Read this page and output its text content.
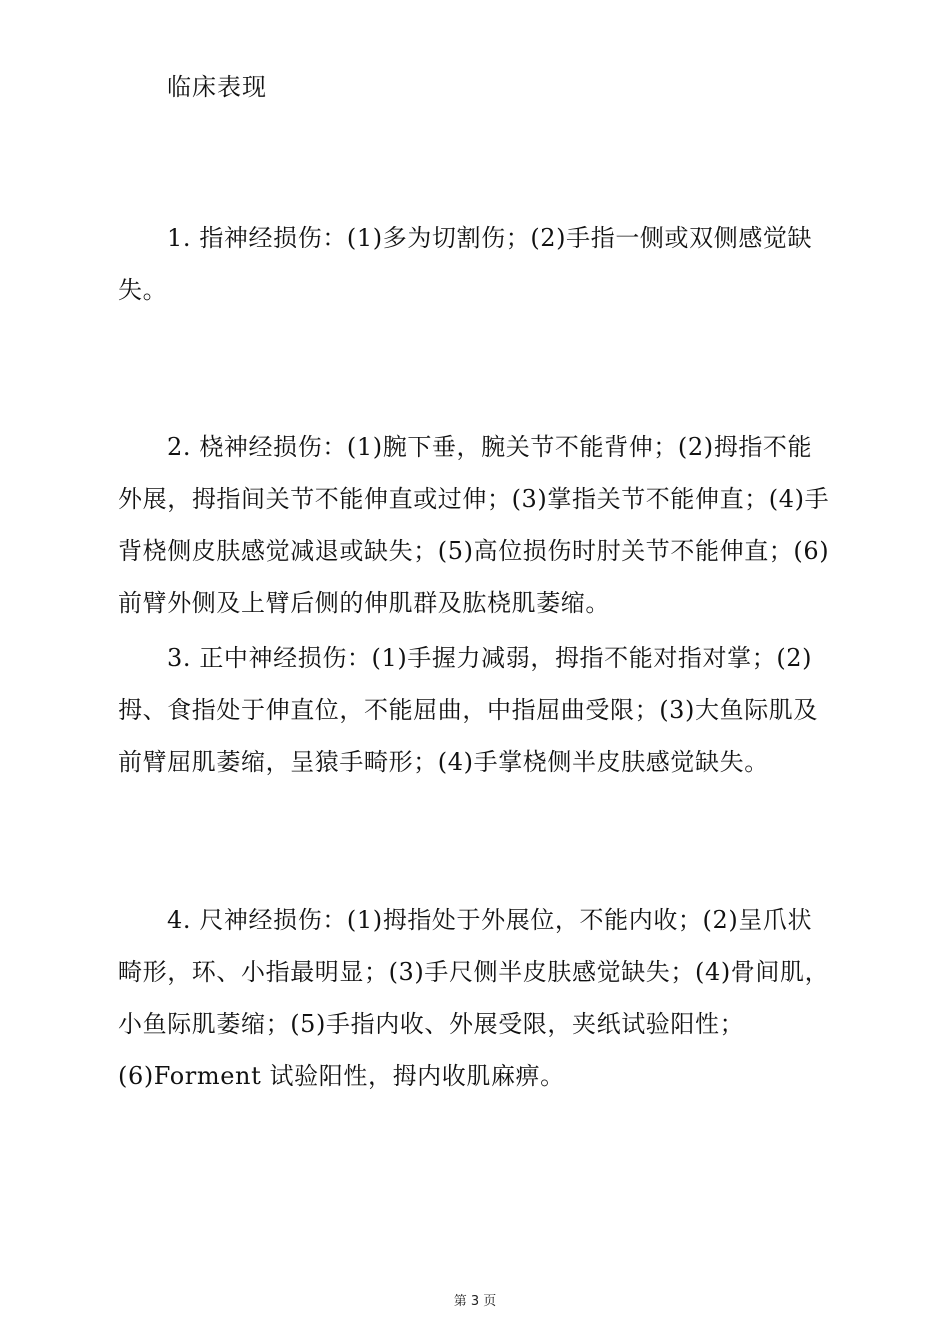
临床表现
1. 指神经损伤：(1)多为切割伤；(2)手指一侧或双侧感觉缺
失。
2. 桡神经损伤：(1)腕下垂，腕关节不能背伸；(2)拇指不能
外展，拇指间关节不能伸直或过伸；(3)掌指关节不能伸直；(4)手
背桡侧皮肤感觉减退或缺失；(5)高位损伤时肘关节不能伸直；(6)
前臂外侧及上臂后侧的伸肌群及肱桡肌萎缩。
3. 正中神经损伤：(1)手握力减弱，拇指不能对指对掌；(2)
拇、食指处于伸直位，不能屈曲，中指屈曲受限；(3)大鱼际肌及
前臂屈肌萎缩，呈猿手畸形；(4)手掌桡侧半皮肤感觉缺失。
4. 尺神经损伤：(1)拇指处于外展位，不能内收；(2)呈爪状
畸形，环、小指最明显；(3)手尺侧半皮肤感觉缺失；(4)骨间肌，
小鱼际肌萎缩；(5)手指内收、外展受限，夹纸试验阳性；
(6)Forment 试验阳性，拇内收肌麻痹。
第 3 页
